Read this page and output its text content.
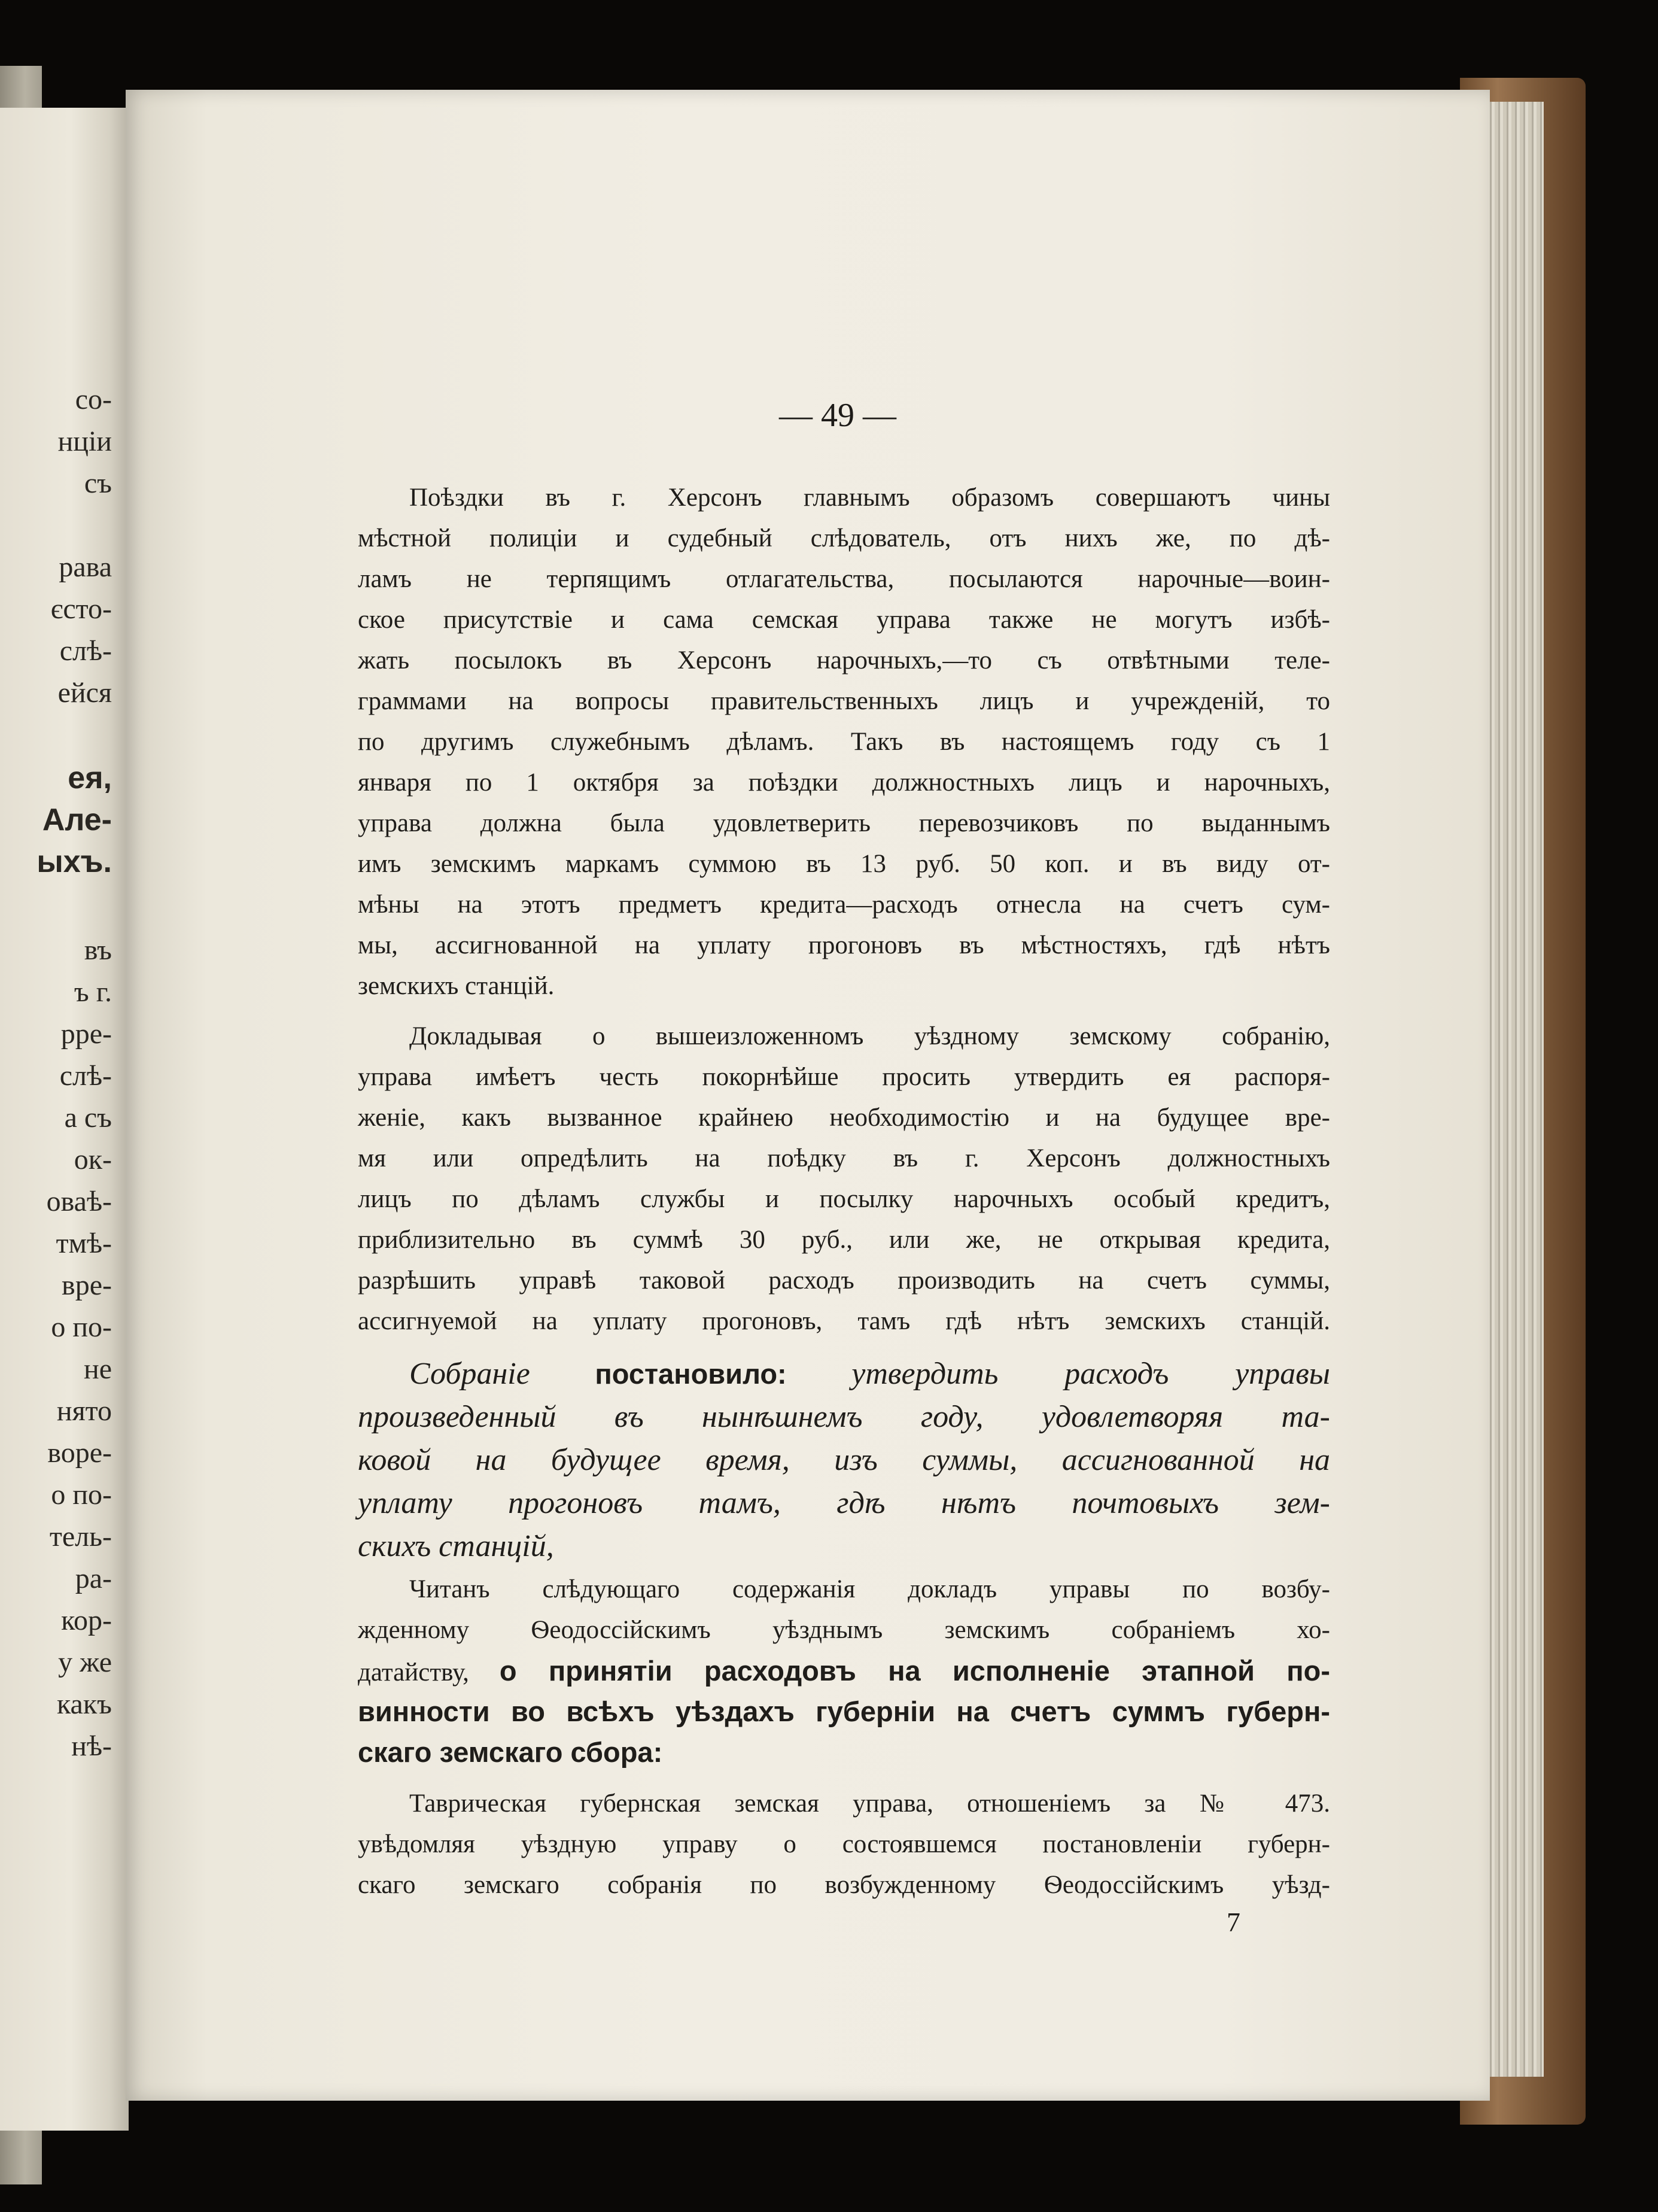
со-
нціи
съ
рава
єсто-
слѣ-
ейся
ея,
Але-
ыхъ.
въ
ъ г.
рре-
слѣ-
а съ
ок-
оваѣ-
тмѣ-
вре-
о по-
не
нято
воре-
о по-
тель-
ра-
кор-
у же
какъ
нѣ-
— 49 —
Поѣздки въ г. Херсонъ главнымъ образомъ совершаютъ чины
мѣстной полиціи и судебный слѣдователь, отъ нихъ же, по дѣ-
ламъ не терпящимъ отлагательства, посылаются нарочные—воин-
ское присутствіе и сама семская управа также не могутъ избѣ-
жать посылокъ въ Херсонъ нарочныхъ,—то съ отвѣтными теле-
граммами на вопросы правительственныхъ лицъ и учрежденій, то
по другимъ служебнымъ дѣламъ. Такъ въ настоящемъ году съ 1
января по 1 октября за поѣздки должностныхъ лицъ и нарочныхъ,
управа должна была удовлетверить перевозчиковъ по выданнымъ
имъ земскимъ маркамъ суммою въ 13 руб. 50 коп. и въ виду от-
мѣны на этотъ предметъ кредита—расходъ отнесла на счетъ сум-
мы, ассигнованной на уплату прогоновъ въ мѣстностяхъ, гдѣ нѣтъ
земскихъ станцій.
Докладывая о вышеизложенномъ уѣздному земскому собранію,
управа имѣетъ честь покорнѣйше просить утвердить ея распоря-
женіе, какъ вызванное крайнею необходимостію и на будущее вре-
мя или опредѣлить на поѣдку въ г. Херсонъ должностныхъ
лицъ по дѣламъ службы и посылку нарочныхъ особый кредитъ,
приблизительно въ суммѣ 30 руб., или же, не открывая кредита,
разрѣшить управѣ таковой расходъ производить на счетъ суммы,
ассигнуемой на уплату прогоновъ, тамъ гдѣ нѣтъ земскихъ станцій.
Собраніе постановило: утвердить расходъ управы
произведенный въ нынѣшнемъ году, удовлетворяя та-
ковой на будущее время, изъ суммы, ассигнованной на
уплату прогоновъ тамъ, гдѣ нѣтъ почтовыхъ зем-
скихъ станцій,
Читанъ слѣдующаго содержанія докладъ управы по возбу-
жденному Ѳеодоссійскимъ уѣзднымъ земскимъ собраніемъ хо-
датайству, о принятіи расходовъ на исполненіе этапной по-
винности во всѣхъ уѣздахъ губерніи на счетъ суммъ губерн-
скаго земскаго сбора:
Таврическая губернская земская управа, отношеніемъ за № 473.
увѣдомляя уѣздную управу о состоявшемся постановленіи губерн-
скаго земскаго собранія по возбужденному Ѳеодоссійскимъ уѣзд-
7
